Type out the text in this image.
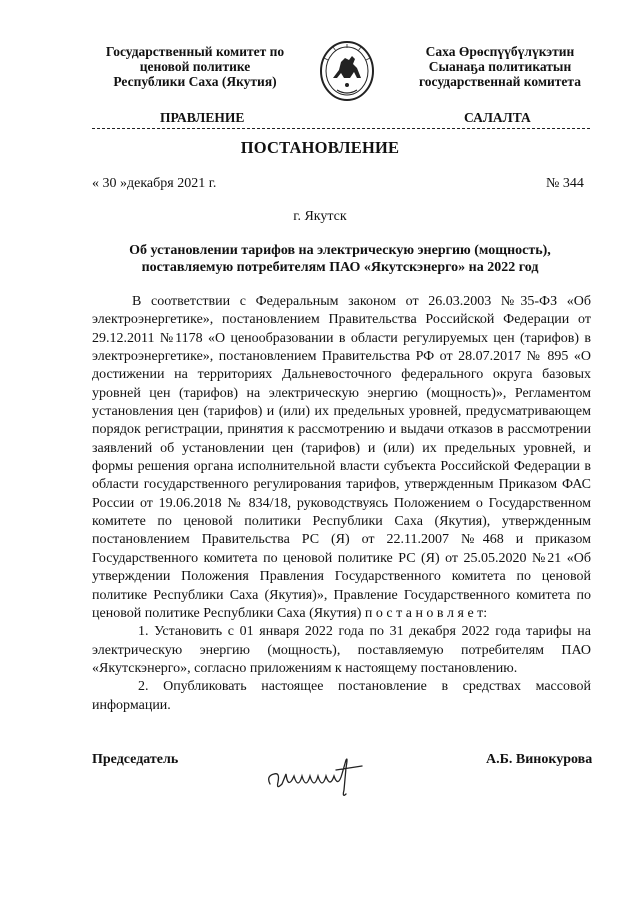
Государственный комитет по
ценовой политике
Республики Саха (Якутия)
Саха Өрөспүүбүлүкэтин
Сыанаҕа политикатын
государственнай комитета
ПРАВЛЕНИЕ	САЛАЛТА
ПОСТАНОВЛЕНИЕ
« 30 »декабря 2021 г.	№ 344
г. Якутск
Об установлении тарифов на электрическую энергию (мощность),
поставляемую потребителям ПАО «Якутскэнерго» на 2022 год

В соответствии с Федеральным законом от 26.03.2003 №35-ФЗ «Об электроэнергетике», постановлением Правительства Российской Федерации от 29.12.2011 №1178 «О ценообразовании в области регулируемых цен (тарифов) в электроэнергетике», постановлением Правительства РФ от 28.07.2017 № 895 «О достижении на территориях Дальневосточного федерального округа базовых уровней цен (тарифов) на электрическую энергию (мощность)», Регламентом установления цен (тарифов) и (или) их предельных уровней, предусматривающем порядок регистрации, принятия к рассмотрению и выдачи отказов в рассмотрении заявлений об установлении цен (тарифов) и (или) их предельных уровней, и формы решения органа исполнительной власти субъекта Российской Федерации в области государственного регулирования тарифов, утвержденным Приказом ФАС России от 19.06.2018 № 834/18, руководствуясь Положением о Государственном комитете по ценовой политики Республики Саха (Якутия), утвержденным постановлением Правительства РС (Я) от 22.11.2007 №468 и приказом Государственного комитета по ценовой политике РС (Я) от 25.05.2020 №21 «Об утверждении Положения Правления Государственного комитета по ценовой политике Республики Саха (Якутия)», Правление Государственного комитета по ценовой политике Республики Саха (Якутия) п о с т а н о в л я е т:

1. Установить с 01 января 2022 года по 31 декабря 2022 года тарифы на электрическую энергию (мощность), поставляемую потребителям ПАО «Якутскэнерго», согласно приложениям к настоящему постановлению.

2. Опубликовать настоящее постановление в средствах массовой информации.

Председатель	А.Б. Винокурова
